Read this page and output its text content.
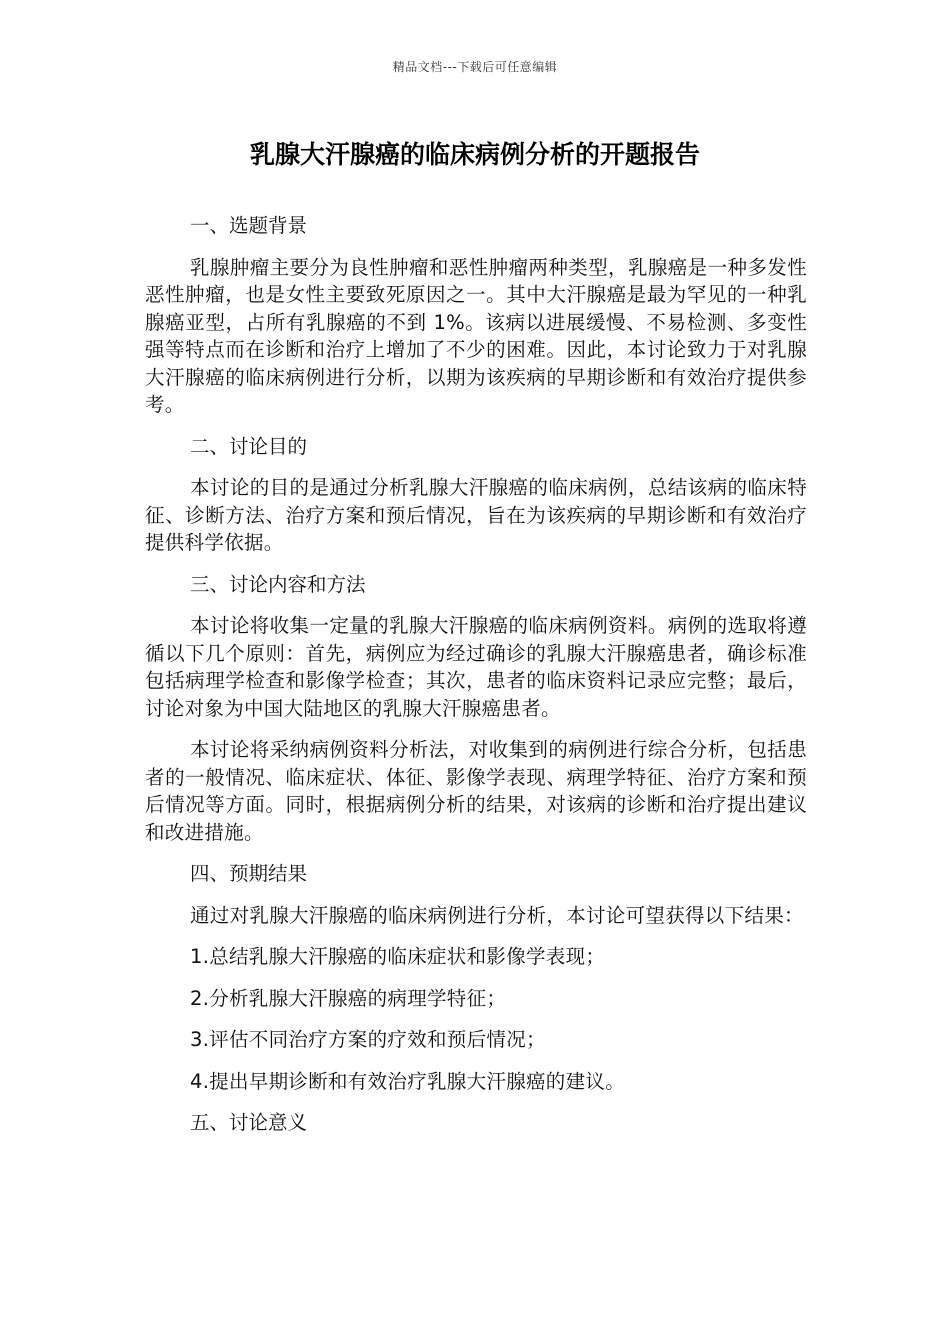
精品文档---下载后可任意编辑
乳腺大汗腺癌的临床病例分析的开题报告

一、选题背景

乳腺肿瘤主要分为良性肿瘤和恶性肿瘤两种类型，乳腺癌是一种多发性恶性肿瘤，也是女性主要致死原因之一。其中大汗腺癌是最为罕见的一种乳腺癌亚型，占所有乳腺癌的不到 1%。该病以进展缓慢、不易检测、多变性强等特点而在诊断和治疗上增加了不少的困难。因此，本讨论致力于对乳腺大汗腺癌的临床病例进行分析，以期为该疾病的早期诊断和有效治疗提供参考。

二、讨论目的

本讨论的目的是通过分析乳腺大汗腺癌的临床病例，总结该病的临床特征、诊断方法、治疗方案和预后情况，旨在为该疾病的早期诊断和有效治疗提供科学依据。

三、讨论内容和方法

本讨论将收集一定量的乳腺大汗腺癌的临床病例资料。病例的选取将遵循以下几个原则：首先，病例应为经过确诊的乳腺大汗腺癌患者，确诊标准包括病理学检查和影像学检查；其次，患者的临床资料记录应完整；最后，讨论对象为中国大陆地区的乳腺大汗腺癌患者。

本讨论将采纳病例资料分析法，对收集到的病例进行综合分析，包括患者的一般情况、临床症状、体征、影像学表现、病理学特征、治疗方案和预后情况等方面。同时，根据病例分析的结果，对该病的诊断和治疗提出建议和改进措施。

四、预期结果

通过对乳腺大汗腺癌的临床病例进行分析，本讨论可望获得以下结果：

1.总结乳腺大汗腺癌的临床症状和影像学表现；

2.分析乳腺大汗腺癌的病理学特征；

3.评估不同治疗方案的疗效和预后情况；

4.提出早期诊断和有效治疗乳腺大汗腺癌的建议。

五、讨论意义
